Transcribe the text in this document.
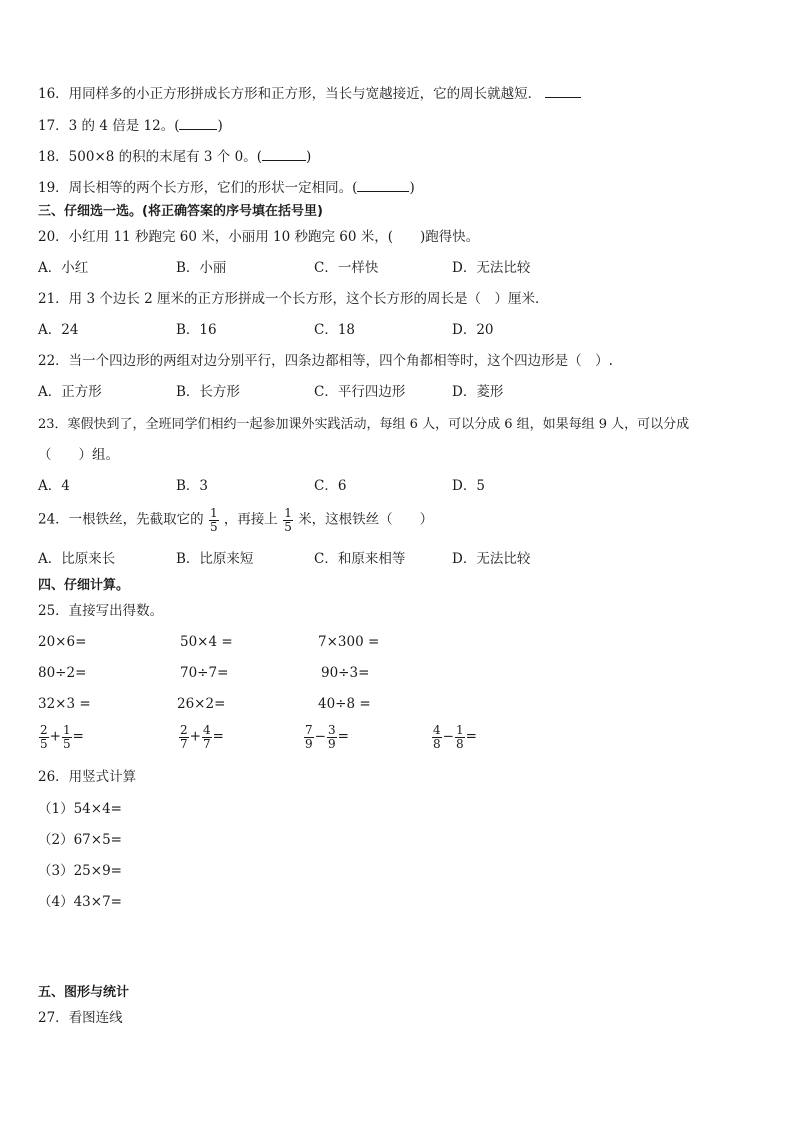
16．用同样多的小正方形拼成长方形和正方形，当长与宽越接近，它的周长就越短．
17．3 的 4 倍是 12。(	)
18．500×8 的积的末尾有 3 个 0。(	)
19．周长相等的两个长方形，它们的形状一定相同。(	)
三、仔细选一选。(将正确答案的序号填在括号里)
20．小红用 11 秒跑完 60 米，小丽用 10 秒跑完 60 米，(　　)跑得快。
A．小红	B．小丽	C．一样快	D．无法比较
21．用 3 个边长 2 厘米的正方形拼成一个长方形，这个长方形的周长是（　）厘米．
A．24	B．16	C．18	D．20
22．当一个四边形的两组对边分别平行，四条边都相等，四个角都相等时，这个四边形是（　）.
A．正方形	B．长方形	C．平行四边形	D．菱形
23．寒假快到了，全班同学们相约一起参加课外实践活动，每组 6 人，可以分成 6 组，如果每组 9 人，可以分成
（　　）组。
A．4	B．3	C．6	D．5
24．一根铁丝，先截取它的 $\frac{1}{5}$ ，再接上 $\frac{1}{5}$ 米，这根铁丝（　　）
A．比原来长	B．比原来短	C．和原来相等	D．无法比较
四、仔细计算。
25．直接写出得数。
20×6=	50×4 =	7×300 =
80÷2=	70÷7=	90÷3=
32×3 =	26×2=	40÷8 =
$\frac{2}{5} + \frac{1}{5}$ =	$\frac{2}{7} + \frac{4}{7}$ =	$\frac{7}{9} - \frac{3}{9}$ =	$\frac{4}{8} - \frac{1}{8}$ =
26．用竖式计算
（1）54×4=
（2）67×5=
（3）25×9=
（4）43×7=
五、图形与统计
27．看图连线
